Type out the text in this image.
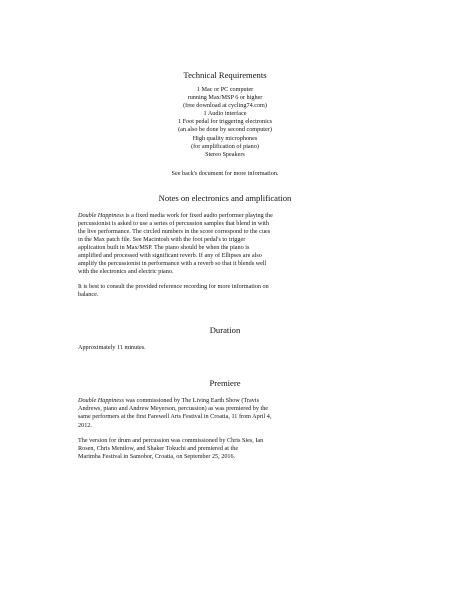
Technical Requirements
1 Mac or PC computer
running Max/MSP 6 or higher
(free download at cycling74.com)
1 Audio interface
1 Foot pedal for triggering electronics
(an also be done by second computer)
High quality microphones
(for amplification of piano)
Stereo Speakers
See back's document for more information.
Notes on electronics and amplification

Double Happiness is a fixed media work for fixed audio performer playing the
percussionist is asked to use a series of percussion samples that blend in with
the live performance. The circled numbers in the score correspond to the cues
in the Max patch file. See Macintosh with the foot pedal's to trigger
application built in Max/MSP. The piano should be when the piano is
amplified and processed with significant reverb. If any of Ellipses are also
amplify the percussionist in performance with a reverb so that it blends well
with the electronics and electric piano.

It is best to consult the provided reference recording for more information on
balance.

Duration

Approximately 11 minutes.

Premiere

Double Happiness was commissioned by The Living Earth Show (Travis
Andrews, piano and Andrew Meyerson, percussion) as was premiered by the
same performers at the first Farewell Arts Festival in Croatia, 11 from April 4,
2012.

The version for drum and percussion was commissioned by Chris Sies, Ian
Rosen, Chris Mentlow, and Shaker Tokuchi and premiered at the
Marimba Festival in Samobor, Croatia, on September 25, 2016.
